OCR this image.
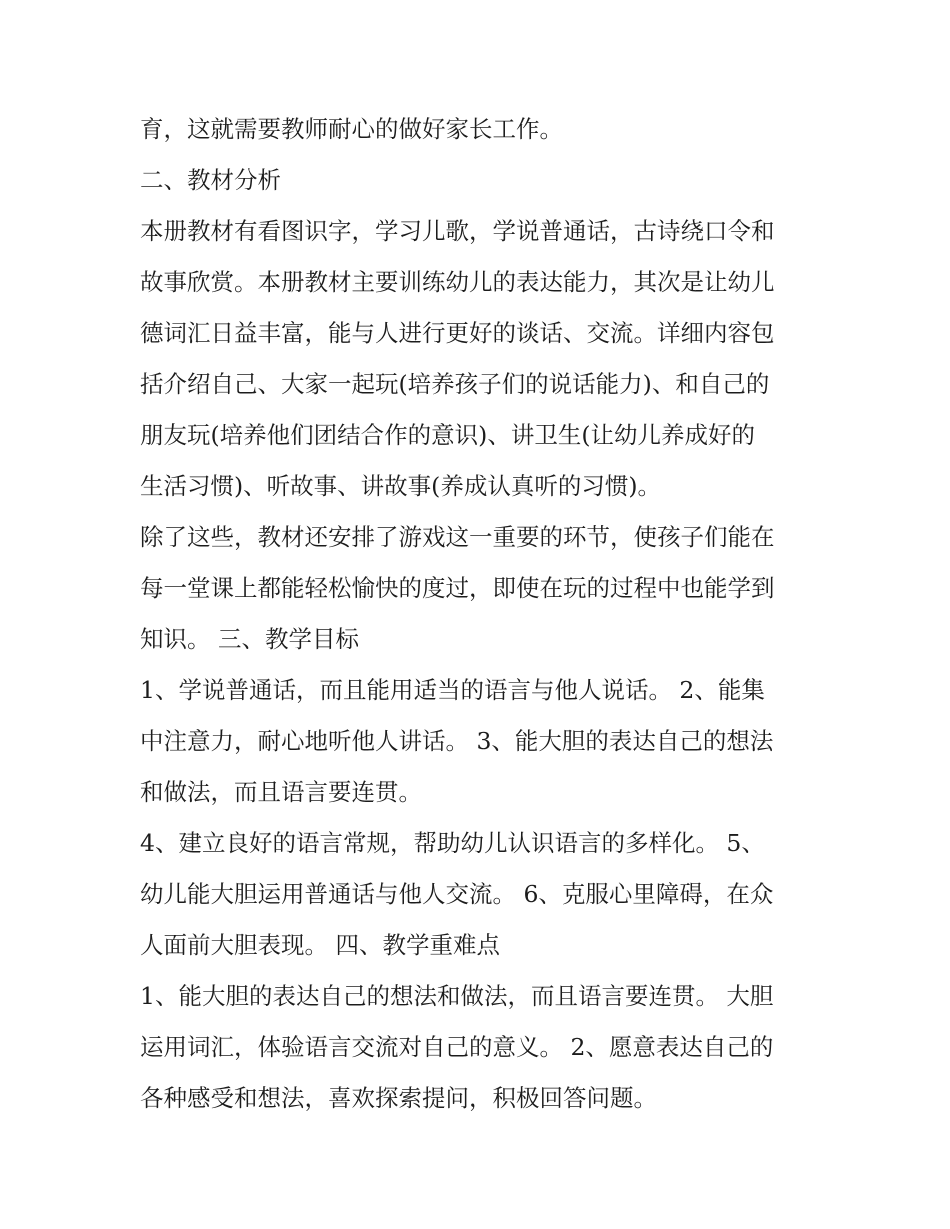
育，这就需要教师耐心的做好家长工作。
二、教材分析
本册教材有看图识字，学习儿歌，学说普通话，古诗绕口令和
故事欣赏。本册教材主要训练幼儿的表达能力，其次是让幼儿
德词汇日益丰富，能与人进行更好的谈话、交流。详细内容包
括介绍自己、大家一起玩(培养孩子们的说话能力)、和自己的
朋友玩(培养他们团结合作的意识)、讲卫生(让幼儿养成好的
生活习惯)、听故事、讲故事(养成认真听的习惯)。
除了这些，教材还安排了游戏这一重要的环节，使孩子们能在
每一堂课上都能轻松愉快的度过，即使在玩的过程中也能学到
知识。 三、教学目标
1、学说普通话，而且能用适当的语言与他人说话。 2、能集
中注意力，耐心地听他人讲话。 3、能大胆的表达自己的想法
和做法，而且语言要连贯。
4、建立良好的语言常规，帮助幼儿认识语言的多样化。 5、
幼儿能大胆运用普通话与他人交流。 6、克服心里障碍，在众
人面前大胆表现。 四、教学重难点
1、能大胆的表达自己的想法和做法，而且语言要连贯。 大胆
运用词汇，体验语言交流对自己的意义。 2、愿意表达自己的
各种感受和想法，喜欢探索提问，积极回答问题。
